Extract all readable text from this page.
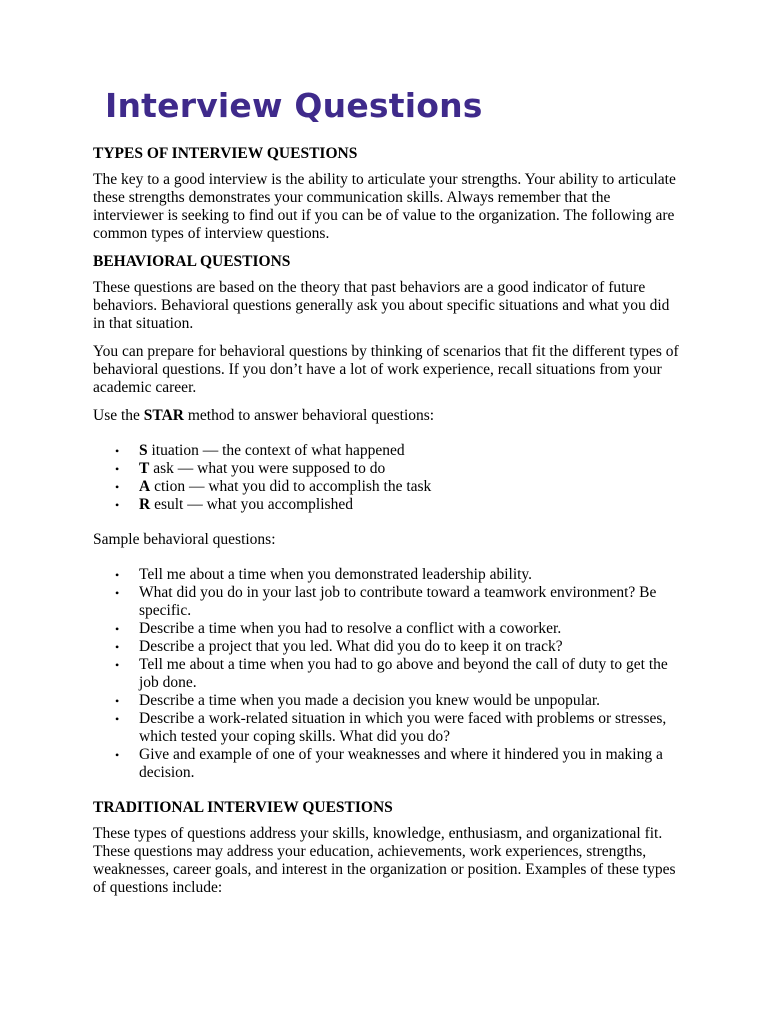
Interview Questions
TYPES OF INTERVIEW QUESTIONS

The key to a good interview is the ability to articulate your strengths. Your ability to articulate these strengths demonstrates your communication skills. Always remember that the interviewer is seeking to find out if you can be of value to the organization. The following are common types of interview questions.

BEHAVIORAL QUESTIONS

These questions are based on the theory that past behaviors are a good indicator of future behaviors. Behavioral questions generally ask you about specific situations and what you did in that situation.

You can prepare for behavioral questions by thinking of scenarios that fit the different types of behavioral questions. If you don’t have a lot of work experience, recall situations from your academic career.

Use the STAR method to answer behavioral questions:

• S ituation — the context of what happened
• T ask — what you were supposed to do
• A ction — what you did to accomplish the task
• R esult — what you accomplished

Sample behavioral questions:

• Tell me about a time when you demonstrated leadership ability.
• What did you do in your last job to contribute toward a teamwork environment? Be specific.
• Describe a time when you had to resolve a conflict with a coworker.
• Describe a project that you led. What did you do to keep it on track?
• Tell me about a time when you had to go above and beyond the call of duty to get the job done.
• Describe a time when you made a decision you knew would be unpopular.
• Describe a work-related situation in which you were faced with problems or stresses, which tested your coping skills. What did you do?
• Give and example of one of your weaknesses and where it hindered you in making a decision.
TRADITIONAL INTERVIEW QUESTIONS

These types of questions address your skills, knowledge, enthusiasm, and organizational fit. These questions may address your education, achievements, work experiences, strengths, weaknesses, career goals, and interest in the organization or position. Examples of these types of questions include:
